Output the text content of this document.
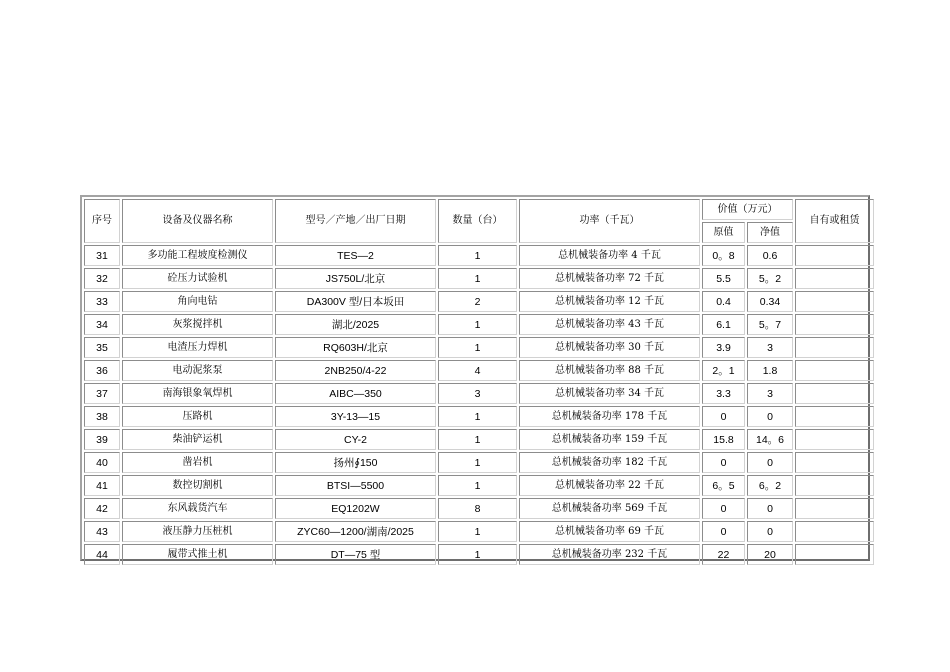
序号	设备及仪器名称	型号／产地／出厂日期	数量（台）	功率（千瓦）	价值（万元）		自有或租赁
					原值	净值	
31	多功能工程坡度检测仪	TES—2	1	总机械装备功率 4 千瓦	0。8	0.6	
32	砼压力试验机	JS750L/北京	1	总机械装备功率 72 千瓦	5.5	5。2	
33	角向电钻	DA300V 型/日本坂田	2	总机械装备功率 12 千瓦	0.4	0.34	
34	灰浆搅拌机	湖北/2025	1	总机械装备功率 43 千瓦	6.1	5。7	
35	电渣压力焊机	RQ603H/北京	1	总机械装备功率 30 千瓦	3.9	3	
36	电动泥浆泵	2NB250/4-22	4	总机械装备功率 88 千瓦	2。1	1.8	
37	南海银象氧焊机	AIBC—350	3	总机械装备功率 34 千瓦	3.3	3	
38	压路机	3Y-13—15	1	总机械装备功率 178 千瓦	0	0	
39	柴油铲运机	CY-2	1	总机械装备功率 159 千瓦	15.8	14。6	
40	凿岩机	扬州∮150	1	总机械装备功率 182 千瓦	0	0	
41	数控切割机	BTSI—5500	1	总机械装备功率 22 千瓦	6。5	6。2	
42	东风载货汽车	EQ1202W	8	总机械装备功率 569 千瓦	0	0	
43	液压静力压桩机	ZYC60—1200/湖南/2025	1	总机械装备功率 69 千瓦	0	0	
44	履带式推土机	DT—75 型	1	总机械装备功率 232 千瓦	22	20	
